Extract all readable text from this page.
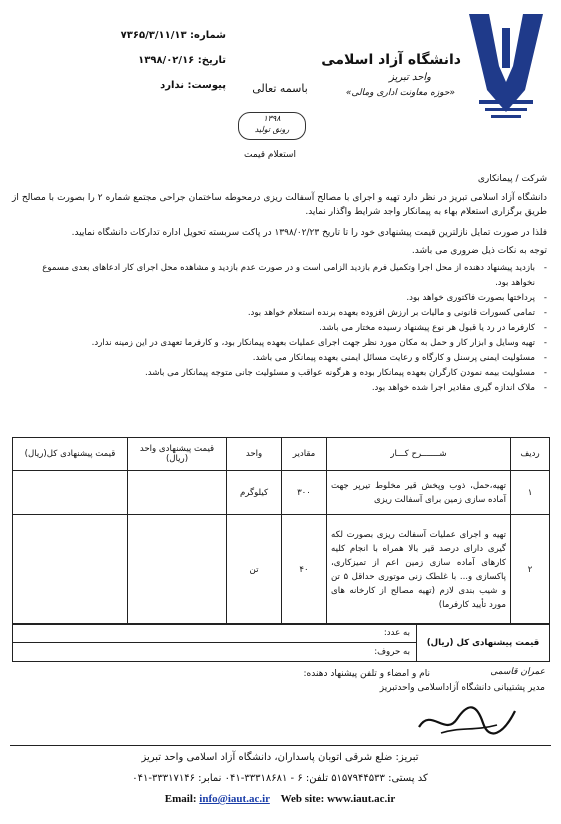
دانشگاه آزاد اسلامی
واحد تبریز
«حوزه معاونت اداری ومالی»
باسمه تعالی
شماره: ۷۳۶۵/۳/۱۱/۱۳
تاریخ: ۱۳۹۸/۰۲/۱۶
پیوست: ندارد
۱۳۹۸
رونق تولید
استعلام قیمت
شرکت / پیمانکاری
دانشگاه آزاد اسلامی تبریز در نظر دارد تهیه و اجرای با مصالح آسفالت ریزی درمحوطه ساختمان جراحی مجتمع شماره ۲ را بصورت با مصالح از طریق برگزاری استعلام بهاء به پیمانکار واجد شرایط واگذار نماید.
فلذا در صورت تمایل نازلترین قیمت پیشنهادی خود را تا تاریخ ۱۳۹۸/۰۲/۲۳ در پاکت سربسته تحویل اداره تدارکات دانشگاه نمایید.
توجه به نکات ذیل ضروری می باشد.
- بازدید پیشنهاد دهنده از محل اجرا وتکمیل فرم بازدید الزامی است و در صورت عدم بازدید و مشاهده محل اجرای کار ادعاهای بعدی مسموع نخواهد بود.
- پرداختها بصورت فاکتوری خواهد بود.
- تمامی کسورات قانونی و مالیات بر ارزش افزوده بعهده برنده استعلام خواهد بود.
- کارفرما در رد یا قبول هر نوع پیشنهاد رسیده مختار می باشد.
- تهیه وسایل و ابزار کار و حمل به مکان مورد نظر جهت اجرای عملیات بعهده پیمانکار بود، و کارفرما تعهدی در این زمینه ندارد.
- مسئولیت ایمنی پرسنل و کارگاه و رعایت مسائل ایمنی بعهده پیمانکار می باشد.
- مسئولیت بیمه نمودن کارگران بعهده پیمانکار بوده و هرگونه عواقب و مسئولیت جانی متوجه پیمانکار می باشد.
- ملاک اندازه گیری مقادیر اجرا شده خواهد بود.
ردیف	شـــــــرح کـــار	مقادیر	واحد	قیمت پیشنهادی واحد (ریال)	قیمت پیشنهادی کل(ریال)
۱	تهیه،حمل، ذوب وپخش قیر مخلوط تیرپر جهت آماده سازی زمین برای آسفالت ریزی	۳۰۰	کیلوگرم		
۲	تهیه و اجرای عملیات آسفالت ریزی بصورت لکه گیری دارای درصد قیر بالا همراه با انجام کلیه کارهای آماده سازی زمین اعم از تمیزکاری، پاکسازی و... با غلطک زنی موتوری حداقل ۵ تن و شیب بندی لازم (تهیه مصالح از کارخانه های مورد تأیید کارفرما)	۴۰	تن		
قیمت پیشنهادی کل (ریال)	به عدد:
به حروف:
نام و امضاء و تلفن پیشنهاد دهنده:	عمران قاسمی
مدیر پشتیبانی دانشگاه آزاداسلامی واحدتبریز
تبریز: ضلع شرقی اتوبان پاسداران، دانشگاه آزاد اسلامی واحد تبریز
کد پستی: ۵۱۵۷۹۴۴۵۳۳ تلفن: ۶ - ۳۳۳۱۸۶۸۱-۰۴۱ نمابر: ۳۳۳۱۷۱۴۶-۰۴۱
Email: info@iaut.ac.ir Web site: www.iaut.ac.ir
